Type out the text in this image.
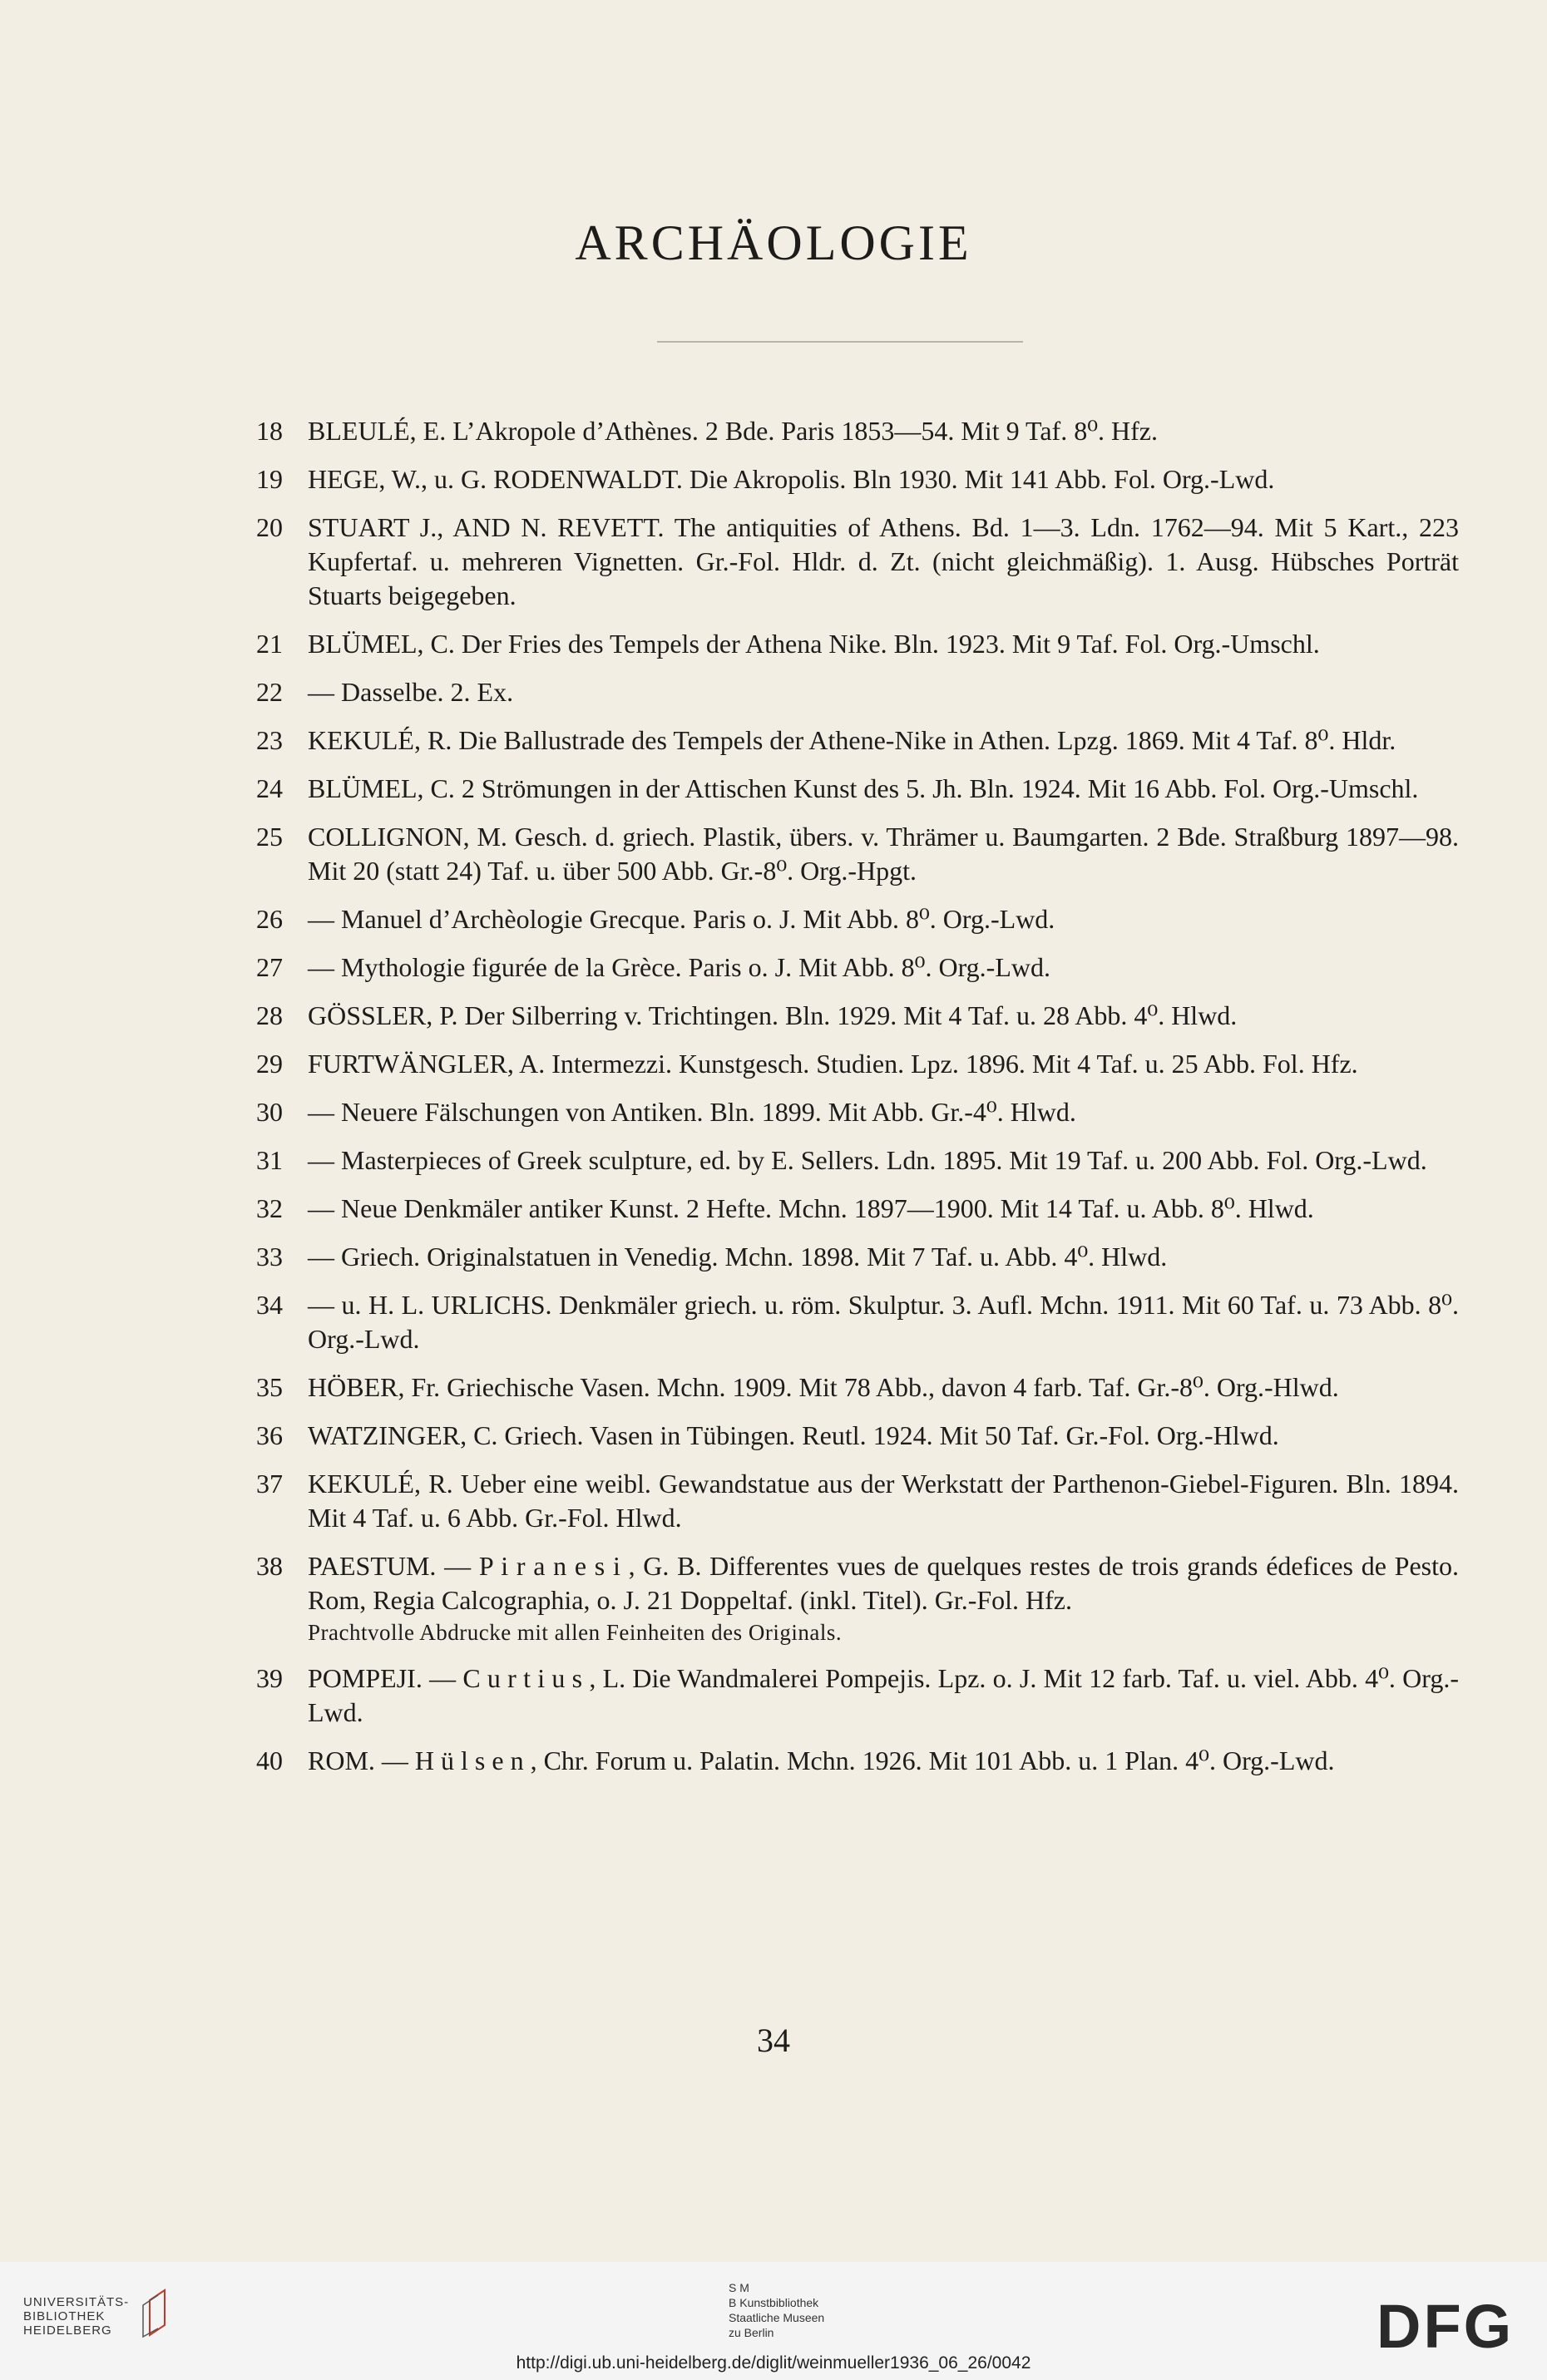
ARCHÄOLOGIE
18 BLEULÉ, E. L’Akropole d’Athènes. 2 Bde. Paris 1853—54. Mit 9 Taf. 8⁰. Hfz.
19 HEGE, W., u. G. RODENWALDT. Die Akropolis. Bln 1930. Mit 141 Abb. Fol. Org.-Lwd.
20 STUART J., AND N. REVETT. The antiquities of Athens. Bd. 1—3. Ldn. 1762—94. Mit 5 Kart., 223 Kupfertaf. u. mehreren Vignetten. Gr.-Fol. Hldr. d. Zt. (nicht gleichmäßig). 1. Ausg. Hübsches Porträt Stuarts beigegeben.
21 BLÜMEL, C. Der Fries des Tempels der Athena Nike. Bln. 1923. Mit 9 Taf. Fol. Org.-Umschl.
22 — Dasselbe. 2. Ex.
23 KEKULÉ, R. Die Ballustrade des Tempels der Athene-Nike in Athen. Lpzg. 1869. Mit 4 Taf. 8⁰. Hldr.
24 BLÜMEL, C. 2 Strömungen in der Attischen Kunst des 5. Jh. Bln. 1924. Mit 16 Abb. Fol. Org.-Umschl.
25 COLLIGNON, M. Gesch. d. griech. Plastik, übers. v. Thrämer u. Baumgarten. 2 Bde. Straßburg 1897—98. Mit 20 (statt 24) Taf. u. über 500 Abb. Gr.-8⁰. Org.-Hpgt.
26 — Manuel d’Archèologie Grecque. Paris o. J. Mit Abb. 8⁰. Org.-Lwd.
27 — Mythologie figurée de la Grèce. Paris o. J. Mit Abb. 8⁰. Org.-Lwd.
28 GÖSSLER, P. Der Silberring v. Trichtingen. Bln. 1929. Mit 4 Taf. u. 28 Abb. 4⁰. Hlwd.
29 FURTWÄNGLER, A. Intermezzi. Kunstgesch. Studien. Lpz. 1896. Mit 4 Taf. u. 25 Abb. Fol. Hfz.
30 — Neuere Fälschungen von Antiken. Bln. 1899. Mit Abb. Gr.-4⁰. Hlwd.
31 — Masterpieces of Greek sculpture, ed. by E. Sellers. Ldn. 1895. Mit 19 Taf. u. 200 Abb. Fol. Org.-Lwd.
32 — Neue Denkmäler antiker Kunst. 2 Hefte. Mchn. 1897—1900. Mit 14 Taf. u. Abb. 8⁰. Hlwd.
33 — Griech. Originalstatuen in Venedig. Mchn. 1898. Mit 7 Taf. u. Abb. 4⁰. Hlwd.
34 — u. H. L. URLICHS. Denkmäler griech. u. röm. Skulptur. 3. Aufl. Mchn. 1911. Mit 60 Taf. u. 73 Abb. 8⁰. Org.-Lwd.
35 HÖBER, Fr. Griechische Vasen. Mchn. 1909. Mit 78 Abb., davon 4 farb. Taf. Gr.-8⁰. Org.-Hlwd.
36 WATZINGER, C. Griech. Vasen in Tübingen. Reutl. 1924. Mit 50 Taf. Gr.-Fol. Org.-Hlwd.
37 KEKULÉ, R. Ueber eine weibl. Gewandstatue aus der Werkstatt der Parthenon-Giebel-Figuren. Bln. 1894. Mit 4 Taf. u. 6 Abb. Gr.-Fol. Hlwd.
38 PAESTUM. — P i r a n e s i , G. B. Differentes vues de quelques restes de trois grands édefices de Pesto. Rom, Regia Calcographia, o. J. 21 Doppeltaf. (inkl. Titel). Gr.-Fol. Hfz.
Prachtvolle Abdrucke mit allen Feinheiten des Originals.
39 POMPEJI. — C u r t i u s , L. Die Wandmalerei Pompejis. Lpz. o. J. Mit 12 farb. Taf. u. viel. Abb. 4⁰. Org.-Lwd.
40 ROM. — H ü l s e n , Chr. Forum u. Palatin. Mchn. 1926. Mit 101 Abb. u. 1 Plan. 4⁰. Org.-Lwd.
34
UNIVERSITÄTS-
BIBLIOTHEK
HEIDELBERG
S M
B Kunstbibliothek
Staatliche Museen
zu Berlin	DFG
http://digi.ub.uni-heidelberg.de/diglit/weinmueller1936_06_26/0042
